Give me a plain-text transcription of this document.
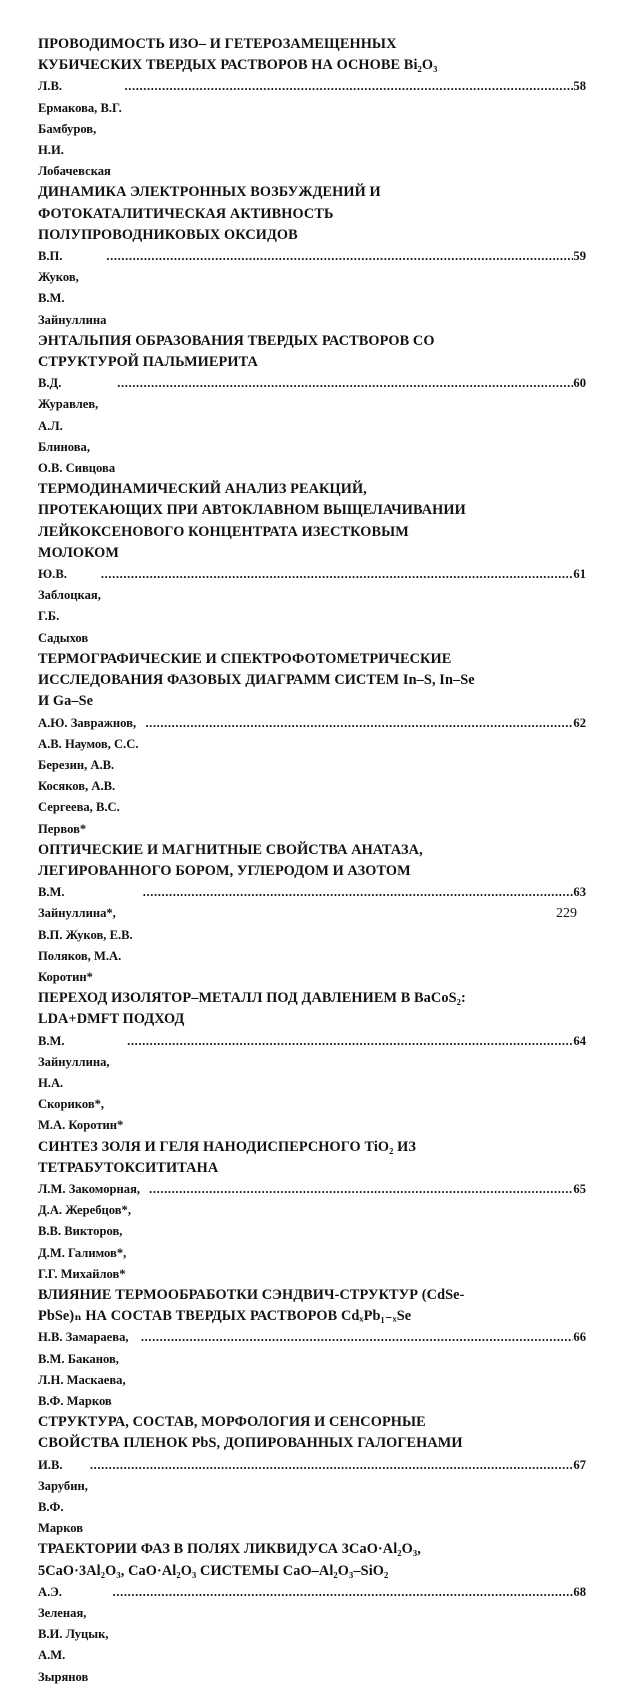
ПРОВОДИМОСТЬ ИЗО– И ГЕТЕРОЗАМЕЩЕННЫХ
КУБИЧЕСКИХ ТВЕРДЫХ РАСТВОРОВ НА ОСНОВЕ Bi₂O₃
Л.В. Ермакова, В.Г. Бамбуров, Н.И. Лобачевская
.....
58
ДИНАМИКА ЭЛЕКТРОННЫХ ВОЗБУЖДЕНИЙ И
ФОТОКАТАЛИТИЧЕСКАЯ АКТИВНОСТЬ
ПОЛУПРОВОДНИКОВЫХ ОКСИДОВ
В.П. Жуков, В.М. Зайнуллина
.....
59
ЭНТАЛЬПИЯ ОБРАЗОВАНИЯ ТВЕРДЫХ РАСТВОРОВ СО
СТРУКТУРОЙ ПАЛЬМИЕРИТА
В.Д. Журавлев, А.Л. Блинова, О.В. Сивцова
.....
60
ТЕРМОДИНАМИЧЕСКИЙ АНАЛИЗ РЕАКЦИЙ,
ПРОТЕКАЮЩИХ ПРИ АВТОКЛАВНОМ ВЫЩЕЛАЧИВАНИИ
ЛЕЙКОКСЕНОВОГО КОНЦЕНТРАТА ИЗЕСТКОВЫМ
МОЛОКОМ
Ю.В. Заблоцкая, Г.Б. Садыхов
.....
61
ТЕРМОГРАФИЧЕСКИЕ И СПЕКТРОФОТОМЕТРИЧЕСКИЕ
ИССЛЕДОВАНИЯ ФАЗОВЫХ ДИАГРАММ СИСТЕМ In–S, In–Se
И Ga–Se
А.Ю. Завражнов, А.В. Наумов, С.С. Березин, А.В. Косяков, А.В.
Сергеева, В.С. Первов*
.....
62
ОПТИЧЕСКИЕ И МАГНИТНЫЕ СВОЙСТВА АНАТАЗА,
ЛЕГИРОВАННОГО БОРОМ, УГЛЕРОДОМ И АЗОТОМ
В.М. Зайнуллина*, В.П. Жуков, Е.В. Поляков, М.А. Коротин*
.....
63
ПЕРЕХОД ИЗОЛЯТОР–МЕТАЛЛ ПОД ДАВЛЕНИЕМ В BaCoS₂:
LDA+DMFT ПОДХОД
В.М. Зайнуллина, Н.А. Скориков*, М.А. Коротин*
.....
64
СИНТЕЗ ЗОЛЯ И ГЕЛЯ НАНОДИСПЕРСНОГО TiO₂ ИЗ
ТЕТРАБУТОКСИТИТАНА
Л.М. Закоморная, Д.А. Жеребцов*, В.В. Викторов, Д.М. Галимов*,
Г.Г. Михайлов*
.....
65
ВЛИЯНИЕ ТЕРМООБРАБОТКИ СЭНДВИЧ-СТРУКТУР (CdSe-
PbSe)ₙ НА СОСТАВ ТВЕРДЫХ РАСТВОРОВ CdₓPb₁₋ₓSe
Н.В. Замараева, В.М. Баканов, Л.Н. Маскаева, В.Ф. Марков
.....
66
СТРУКТУРА, СОСТАВ, МОРФОЛОГИЯ И СЕНСОРНЫЕ
СВОЙСТВА ПЛЕНОК PbS, ДОПИРОВАННЫХ ГАЛОГЕНАМИ
И.В. Зарубин, В.Ф. Марков
.....
67
ТРАЕКТОРИИ ФАЗ В ПОЛЯХ ЛИКВИДУСА 3CaO·Al₂O₃,
5CaO·3Al₂O₃, CaO·Al₂O₃ СИСТЕМЫ CaO–Al₂O₃–SiO₂
А.Э. Зеленая, В.И. Луцык, А.М. Зырянов
.....
68
229
